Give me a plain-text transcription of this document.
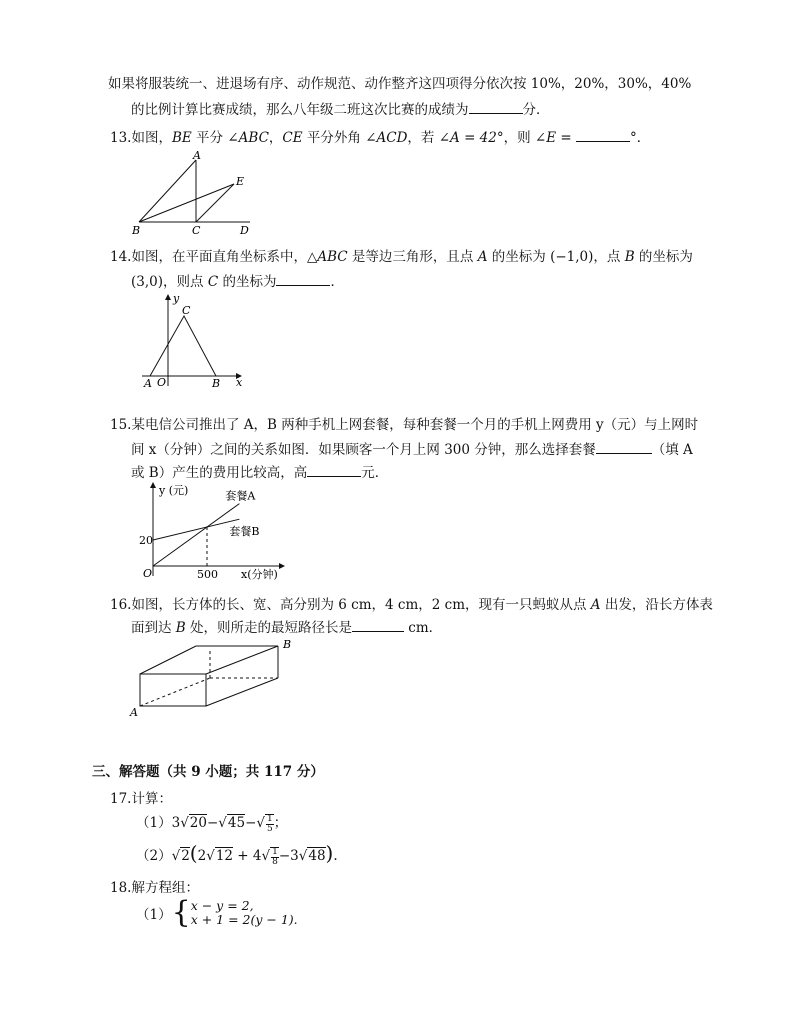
如果将服装统一、进退场有序、动作规范、动作整齐这四项得分依次按 10%，20%，30%，40%
的比例计算比赛成绩，那么八年级二班这次比赛的成绩为	分．
13.如图，BE 平分 ∠ABC，CE 平分外角 ∠ACD，若 ∠A = 42°，则 ∠E =	°．
A
B	C	D
E
14.如图，在平面直角坐标系中，△ABC 是等边三角形，且点 A 的坐标为 (−1,0)，点 B 的坐标为
(3,0)，则点 C 的坐标为	．
y
x
A O	B
C
15.某电信公司推出了 A，B 两种手机上网套餐，每种套餐一个月的手机上网费用 y（元）与上网时
间 x（分钟）之间的关系如图．如果顾客一个月上网 300 分钟，那么选择套餐	（填 A
或 B）产生的费用比较高，高	元．
y (元)
x(分钟)
O	500
20
套餐A
套餐B
16.如图，长方体的长、宽、高分别为 6 cm，4 cm，2 cm，现有一只蚂蚁从点 A 出发，沿长方体表
面到达 B 处，则所走的最短路径长是	cm．
A
B
三、解答题（共 9 小题；共 117 分）
17.计算：
$(1)3√20-√45-√ \frac{1}{5}$ ；
$(2)√2(2√12 + 4√ \frac{1}{8} -3√48)$.
18.解方程组：
（1）{ x − y = 2,
x + 1 = 2(y − 1).
